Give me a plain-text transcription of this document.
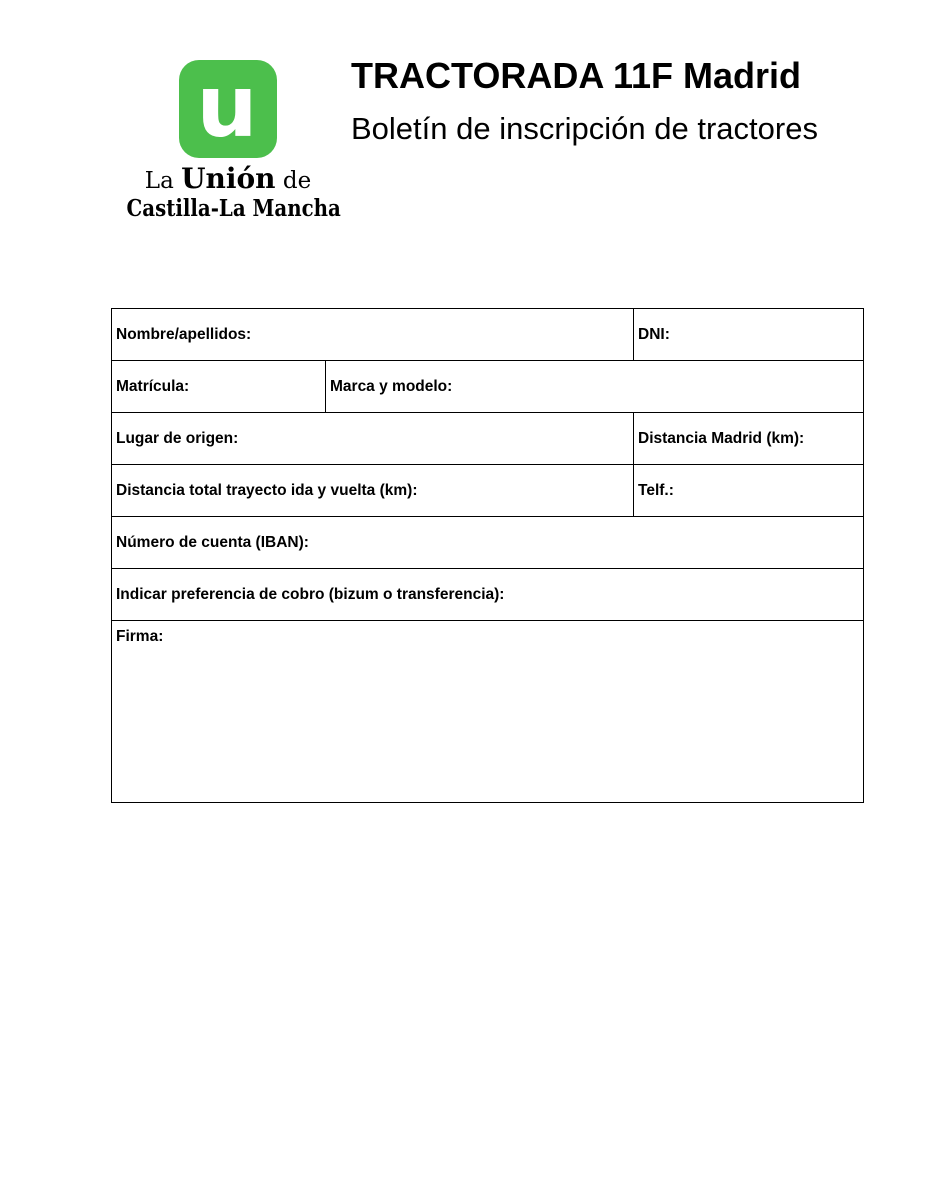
u
La Unión de
Castilla-La Mancha
TRACTORADA 11F Madrid
Boletín de inscripción de tractores
Nombre/apellidos:	DNI:
Matrícula:	Marca y modelo:
Lugar de origen:	Distancia Madrid (km):
Distancia total trayecto ida y vuelta (km):	Telf.:
Número de cuenta (IBAN):
Indicar preferencia de cobro (bizum o transferencia):
Firma:
